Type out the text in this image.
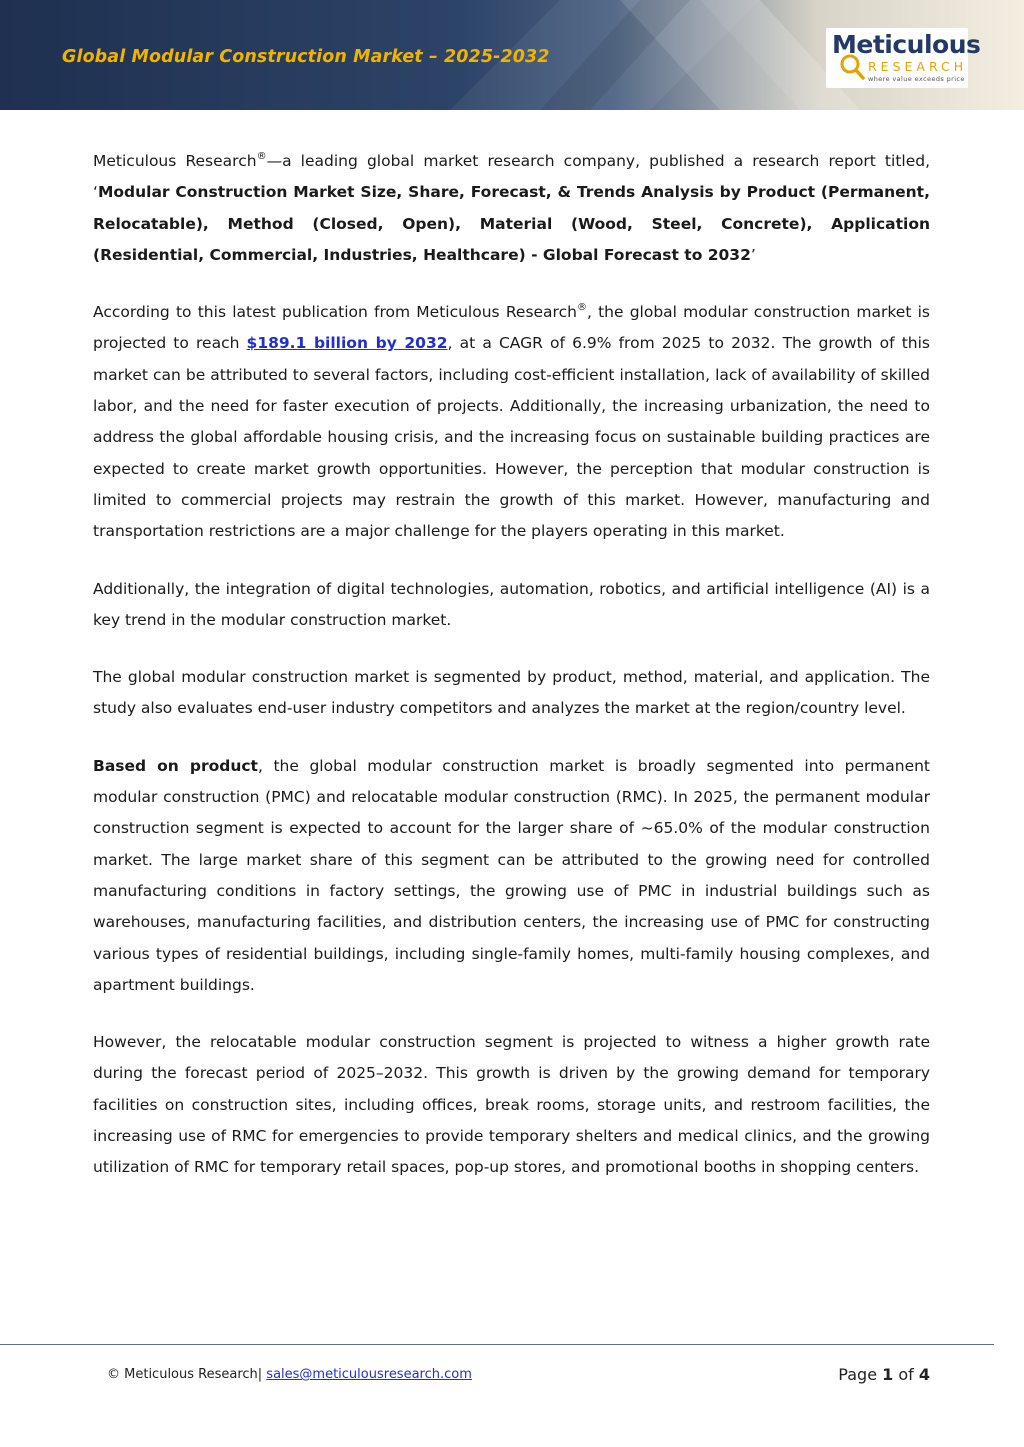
Global Modular Construction Market – 2025-2032	Meticulous
RESEARCH
where value exceeds price

Meticulous Research®—a leading global market research company, published a research report titled, ‘Modular Construction Market Size, Share, Forecast, & Trends Analysis by Product (Permanent, Relocatable), Method (Closed, Open), Material (Wood, Steel, Concrete), Application (Residential, Commercial, Industries, Healthcare) - Global Forecast to 2032’

According to this latest publication from Meticulous Research®, the global modular construction market is projected to reach $189.1 billion by 2032, at a CAGR of 6.9% from 2025 to 2032. The growth of this market can be attributed to several factors, including cost-efficient installation, lack of availability of skilled labor, and the need for faster execution of projects. Additionally, the increasing urbanization, the need to address the global affordable housing crisis, and the increasing focus on sustainable building practices are expected to create market growth opportunities. However, the perception that modular construction is limited to commercial projects may restrain the growth of this market. However, manufacturing and transportation restrictions are a major challenge for the players operating in this market.

Additionally, the integration of digital technologies, automation, robotics, and artificial intelligence (AI) is a key trend in the modular construction market.

The global modular construction market is segmented by product, method, material, and application. The study also evaluates end-user industry competitors and analyzes the market at the region/country level.

Based on product, the global modular construction market is broadly segmented into permanent modular construction (PMC) and relocatable modular construction (RMC). In 2025, the permanent modular construction segment is expected to account for the larger share of ~65.0% of the modular construction market. The large market share of this segment can be attributed to the growing need for controlled manufacturing conditions in factory settings, the growing use of PMC in industrial buildings such as warehouses, manufacturing facilities, and distribution centers, the increasing use of PMC for constructing various types of residential buildings, including single-family homes, multi-family housing complexes, and apartment buildings.

However, the relocatable modular construction segment is projected to witness a higher growth rate during the forecast period of 2025–2032. This growth is driven by the growing demand for temporary facilities on construction sites, including offices, break rooms, storage units, and restroom facilities, the increasing use of RMC for emergencies to provide temporary shelters and medical clinics, and the growing utilization of RMC for temporary retail spaces, pop-up stores, and promotional booths in shopping centers.

© Meticulous Research| sales@meticulousresearch.com	Page 1 of 4
